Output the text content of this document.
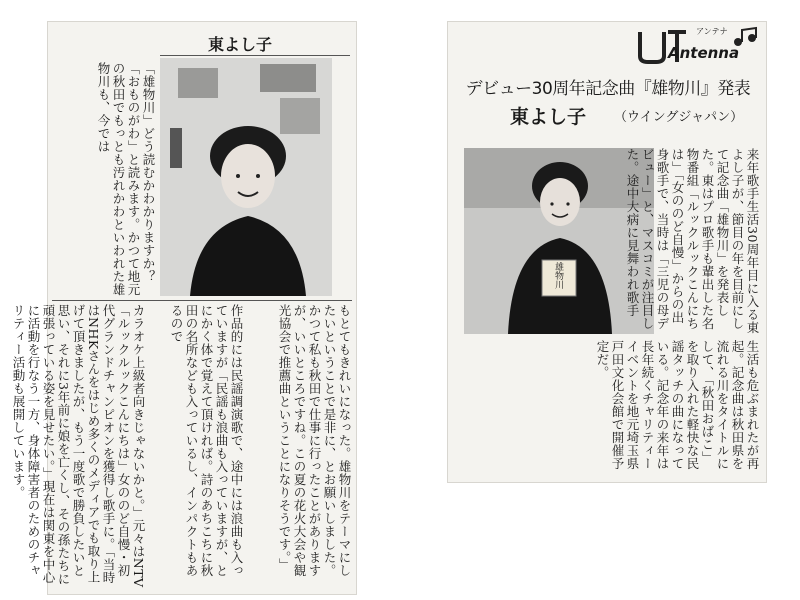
東よし子
「雄物川」どう読むかわかりますか？「おものがわ」と読みます。かつて地元の秋田でもっとも汚れかわといわれた雄物川も、今では
もとてもきれいになった。雄物川をテーマにしたいということで是非に、とお願いしました。かつて私も秋田で仕事に行ったことがありますが、いいところですね。この夏の花火大会や観光協会で推薦曲ということになりそうです。」
作品的には民謡調演歌で、途中には浪曲も入っていますが「民謡も浪曲も入っていますが、とにかく体で覚えて頂ければ。詩のあちこちに秋田の名所なども入っているし、インパクトもあるので
カラオケ上級者向きじゃないかと。」元々はNTV「ルックルックこんにちは」女ののど自慢・初代グランドチャンピオンを獲得し歌手に。「当時はNHKさんをはじめ多くのメディアでも取り上げて頂きましたが、もう一度歌で勝負したいと思い、それに3年前に娘を亡くし、その孫たちに頑張っている姿を見せたい。」現在は関東を中心に活動を行なう一方、身体障害者のためのチャリティー活動も展開しています。
アンテナ
Antenna
デビュー30周年記念曲『雄物川』発表
東よし子 （ウイングジャパン）
雄物川	来年歌手生活30周年目に入る東よし子が、節目の年を目前にして記念曲「雄物川」を発表した。東はプロ歌手も輩出した名物番組「ルックルックこんにちは」「女ののど自慢」からの出身歌手で、当時は「三児の母デビュー」と、マスコミが注目した。途中大病に見舞われ歌手
生活も危ぶまれたが再起。記念曲は秋田県を流れる川をタイトルにして、「秋田おばこ」を取り入れた軽快な民謡タッチの曲になっている。記念年の来年は長年続くチャリティーイベントを地元埼玉県戸田文化会館で開催予定だ。
